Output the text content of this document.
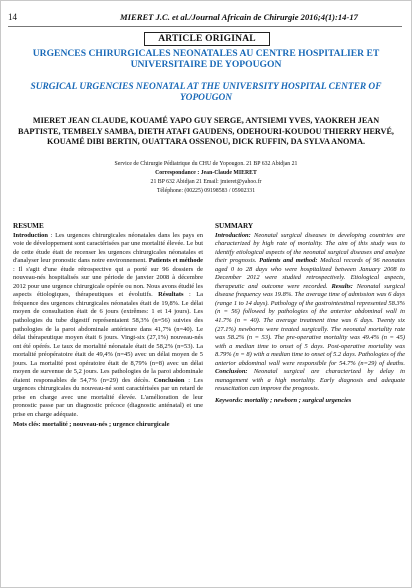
14	MIERET J.C. et al./Journal Africain de Chirurgie 2016;4(1):14-17
ARTICLE ORIGINAL
URGENCES CHIRURGICALES NEONATALES AU CENTRE HOSPITALIER ET UNIVERSITAIRE DE YOPOUGON
SURGICAL URGENCIES NEONATAL AT THE UNIVERSITY HOSPITAL CENTER OF YOPOUGON
MIERET JEAN CLAUDE, KOUAMÉ YAPO GUY SERGE, ANTSIEMI YVES, YAOKREH JEAN BAPTISTE, TEMBELY SAMBA, DIETH ATAFI GAUDENS, ODEHOURI-KOUDOU THIERRY HERVÉ, KOUAMÉ DIBI BERTIN, OUATTARA OSSENOU, DICK RUFFIN, DA SYLVA ANOMA.
Service de Chirurgie Pédiatrique du CHU de Yopougon. 21 BP 632 Abidjan 21
Correspondance : Jean-Claude MIERET
21 BP 632 Abidjan 21 Email: jmieret@yahoo.fr
Téléphone: (00225) 09198583 / 05902331
RESUME

Introduction : Les urgences chirurgicales néonatales dans les pays en voie de développement sont caractérisées par une mortalité élevée. Le but de cette étude était de recenser les urgences chirurgicales néonatales et d'analyser leur pronostic dans notre environnement. Patients et méthode : Il s'agit d'une étude rétrospective qui a porté sur 96 dossiers de nouveau-nés hospitalisés sur une période de janvier 2008 à décembre 2012 pour une urgence chirurgicale opérée ou non. Nous avons étudié les aspects étiologiques, thérapeutiques et évolutifs. Résultats : La fréquence des urgences chirurgicales néonatales était de 19,8%. Le délai moyen de consultation était de 6 jours (extrêmes: 1 et 14 jours). Les pathologies du tube digestif représentaient 58,3% (n=56) suivies des pathologies de la paroi abdominale antérieure dans 41,7% (n=40). Le délai thérapeutique moyen était 6 jours. Vingt-six (27,1%) nouveau-nés ont été opérés. Le taux de mortalité néonatale était de 58,2% (n=53). La mortalité préopératoire était de 49,4% (n=45) avec un délai moyen de 5 jours. La mortalité post opératoire était de 8,79% (n=8) avec un délai moyen de survenue de 5,2 jours. Les pathologies de la paroi abdominale étaient responsables de 54,7% (n=29) des décès. Conclusion : Les urgences chirurgicales du nouveau-né sont caractérisées par un retard de prise en charge avec une mortalité élevée. L'amélioration de leur pronostic passe par un diagnostic précoce (diagnostic anténatal) et une prise en charge adéquate.

Mots clés: mortalité ; nouveau-nés ; urgence chirurgicale

SUMMARY

Introduction: Neonatal surgical diseases in developing countries are characterized by high rate of mortality. The aim of this study was to identify etiological aspects of the neonatal surgical diseases and analyze their prognosis. Patients and method: Medical records of 96 neonates aged 0 to 28 days who were hospitalized between January 2008 to December 2012 were studied retrospectively. Etiological aspects, therapeutic and outcome were recorded. Results: Neonatal surgical disease frequency was 19.8%. The average time of admission was 6 days (range 1 to 14 days). Pathology of the gastrointestinal represented 58.3% (n = 56) followed by pathologies of the anterior abdominal wall in 41.7% (n = 40). The average treatment time was 6 days. Twenty six (27.1%) newborns were treated surgically. The neonatal mortality rate was 58.2% (n = 53). The pre-operative mortality was 49.4% (n = 45) with a median time to onset of 5 days. Post-operative mortality was 8.79% (n = 8) with a median time to onset of 5.2 days. Pathologies of the anterior abdominal wall were responsible for 54.7% (n=29) of deaths. Conclusion: Neonatal surgical are characterized by delay in management with a high mortality. Early diagnosis and adequate resuscitation can improve the prognosis.

Keywords: mortality ; newborn ; surgical urgencies
